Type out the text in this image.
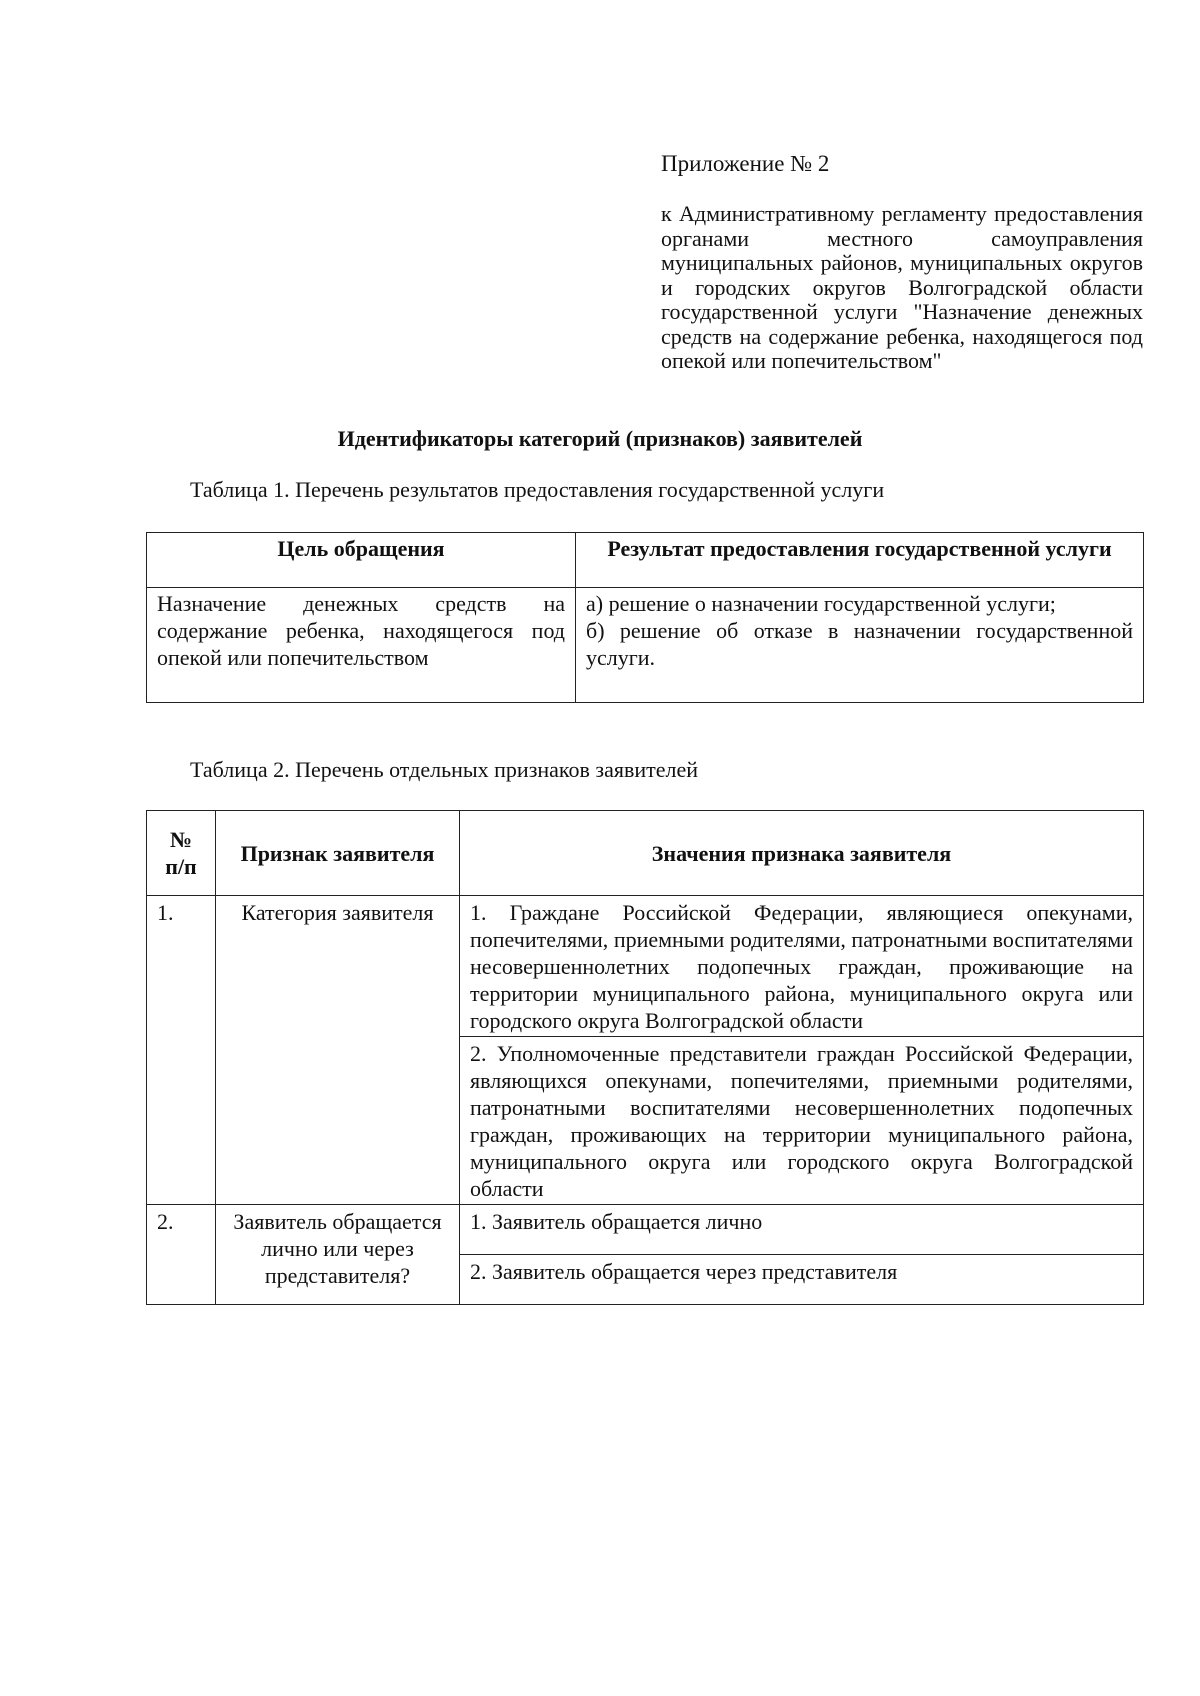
Приложение № 2
к Административному регламенту предоставления органами местного самоуправления муниципальных районов, муниципальных округов и городских округов Волгоградской области государственной услуги "Назначение денежных средств на содержание ребенка, находящегося под опекой или попечительством"
Идентификаторы категорий (признаков) заявителей
Таблица 1. Перечень результатов предоставления государственной услуги
Цель обращения	Результат предоставления государственной услуги
Назначение денежных средств на содержание ребенка, находящегося под опекой или попечительством	а) решение о назначении государственной услуги;
б) решение об отказе в назначении государственной услуги.
Таблица 2. Перечень отдельных признаков заявителей
№
п/п	Признак заявителя	Значения признака заявителя
1.	Категория заявителя	1. Граждане Российской Федерации, являющиеся опекунами, попечителями, приемными родителями, патронатными воспитателями несовершеннолетних подопечных граждан, проживающие на территории муниципального района, муниципального округа или городского округа Волгоградской области
		2. Уполномоченные представители граждан Российской Федерации, являющихся опекунами, попечителями, приемными родителями, патронатными воспитателями несовершеннолетних подопечных граждан, проживающих на территории муниципального района, муниципального округа или городского округа Волгоградской области
2.	Заявитель обращается лично или через представителя?	1. Заявитель обращается лично
		2. Заявитель обращается через представителя
